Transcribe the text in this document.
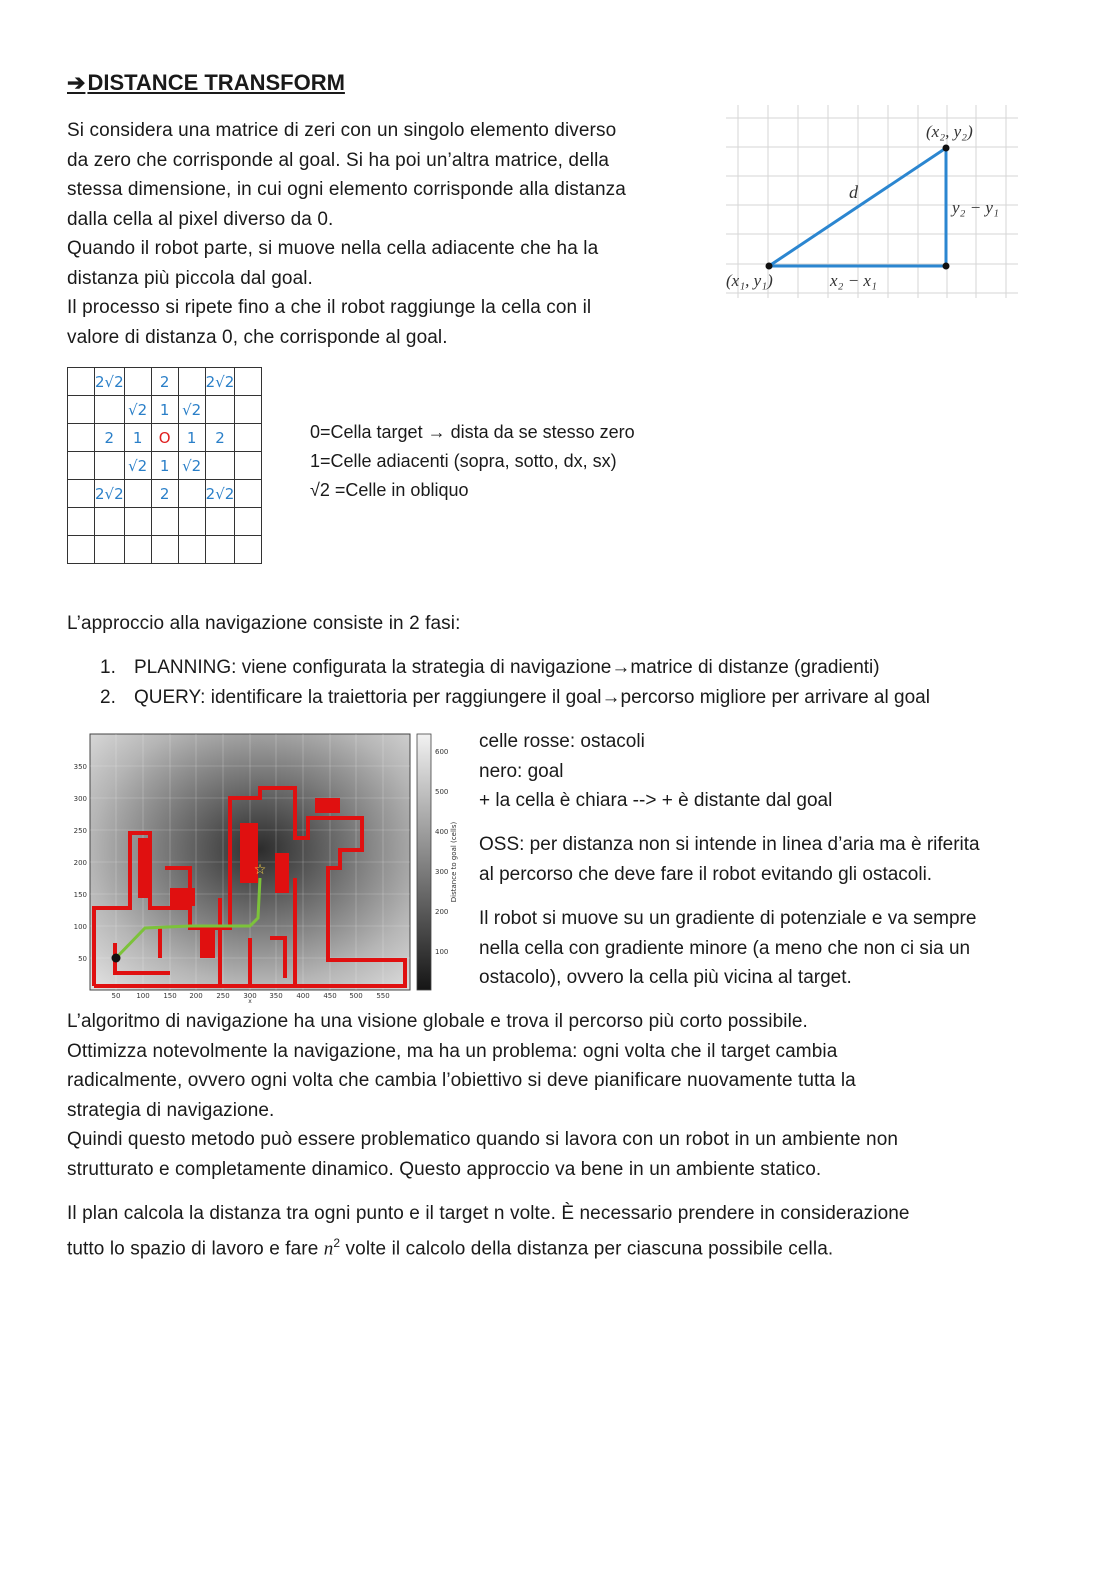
➔DISTANCE TRANSFORM
Si considera una matrice di zeri con un singolo elemento diverso
da zero che corrisponde al goal. Si ha poi un’altra matrice, della
stessa dimensione, in cui ogni elemento corrisponde alla distanza
dalla cella al pixel diverso da 0.
Quando il robot parte, si muove nella cella adiacente che ha la
distanza più piccola dal goal.
Il processo si ripete fino a che il robot raggiunge la cella con il
valore di distanza 0, che corrisponde al goal.
(x₂, y₂)
(x₁, y₁)
d
y₂ − y₁
x₂ − x₁
	2√2		2		2√2	
		√2	1	√2		
	2	1	O	1	2	
		√2	1	√2		
	2√2		2		2√2	

0=Cella target → dista da se stesso zero
1=Celle adiacenti (sopra, sotto, dx, sx)
√2 =Celle in obliquo
L’approccio alla navigazione consiste in 2 fasi:
1. PLANNING: viene configurata la strategia di navigazione→matrice di distanze (gradienti)
2. QUERY: identificare la traiettoria per raggiungere il goal→percorso migliore per arrivare al goal
☆
350
300
250
200
150
100
50
50 100 150 200 250 300 350 400 450 500 550
x
600
500
400
300
200
100
Distance to goal (cells)
celle rosse: ostacoli
nero: goal
+ la cella è chiara --> + è distante dal goal
OSS: per distanza non si intende in linea d’aria ma è riferita
al percorso che deve fare il robot evitando gli ostacoli.
Il robot si muove su un gradiente di potenziale e va sempre
nella cella con gradiente minore (a meno che non ci sia un
ostacolo), ovvero la cella più vicina al target.
L’algoritmo di navigazione ha una visione globale e trova il percorso più corto possibile.
Ottimizza notevolmente la navigazione, ma ha un problema: ogni volta che il target cambia
radicalmente, ovvero ogni volta che cambia l’obiettivo si deve pianificare nuovamente tutta la
strategia di navigazione.
Quindi questo metodo può essere problematico quando si lavora con un robot in un ambiente non
strutturato e completamente dinamico. Questo approccio va bene in un ambiente statico.
Il plan calcola la distanza tra ogni punto e il target n volte. È necessario prendere in considerazione
tutto lo spazio di lavoro e fare $n^2$ volte il calcolo della distanza per ciascuna possibile cella.
